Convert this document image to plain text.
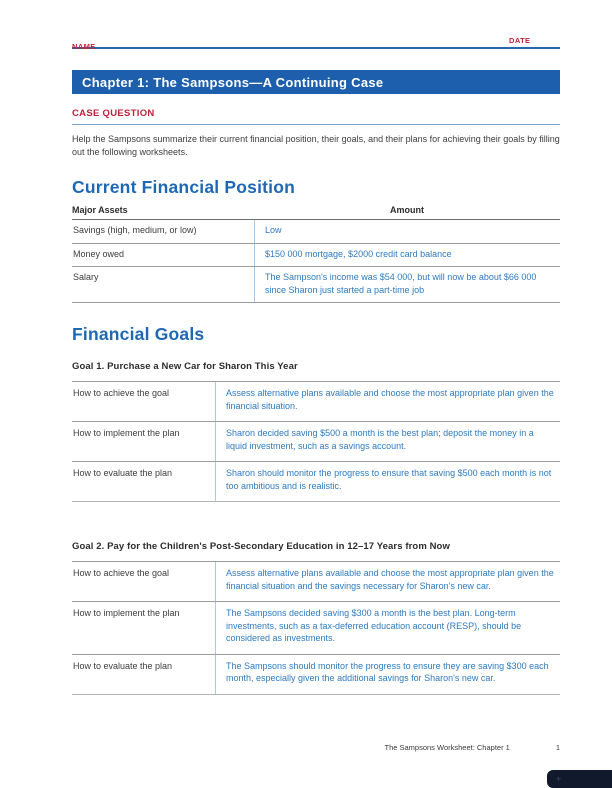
NAME
DATE
Chapter 1: The Sampsons—A Continuing Case
CASE QUESTION

Help the Sampsons summarize their current financial position, their goals, and their plans for achieving their goals by filling out the following worksheets.

Current Financial Position
Major Assets	Amount
Savings (high, medium, or low)	Low
Money owed	$150 000 mortgage, $2000 credit card balance
Salary	The Sampson's income was $54 000, but will now be about $66 000 since Sharon just started a part-time job
Financial Goals
Goal 1. Purchase a New Car for Sharon This Year
How to achieve the goal	Assess alternative plans available and choose the most appropriate plan given the financial situation.
How to implement the plan	Sharon decided saving $500 a month is the best plan; deposit the money in a liquid investment, such as a savings account.
How to evaluate the plan	Sharon should monitor the progress to ensure that saving $500 each month is not too ambitious and is realistic.
Goal 2. Pay for the Children's Post-Secondary Education in 12–17 Years from Now
How to achieve the goal	Assess alternative plans available and choose the most appropriate plan given the financial situation and the savings necessary for Sharon's new car.
How to implement the plan	The Sampsons decided saving $300 a month is the best plan. Long-term investments, such as a tax-deferred education account (RESP), should be considered as investments.
How to evaluate the plan	The Sampsons should monitor the progress to ensure they are saving $300 each month, especially given the additional savings for Sharon's new car.
The Sampsons Worksheet: Chapter 1	1
+
